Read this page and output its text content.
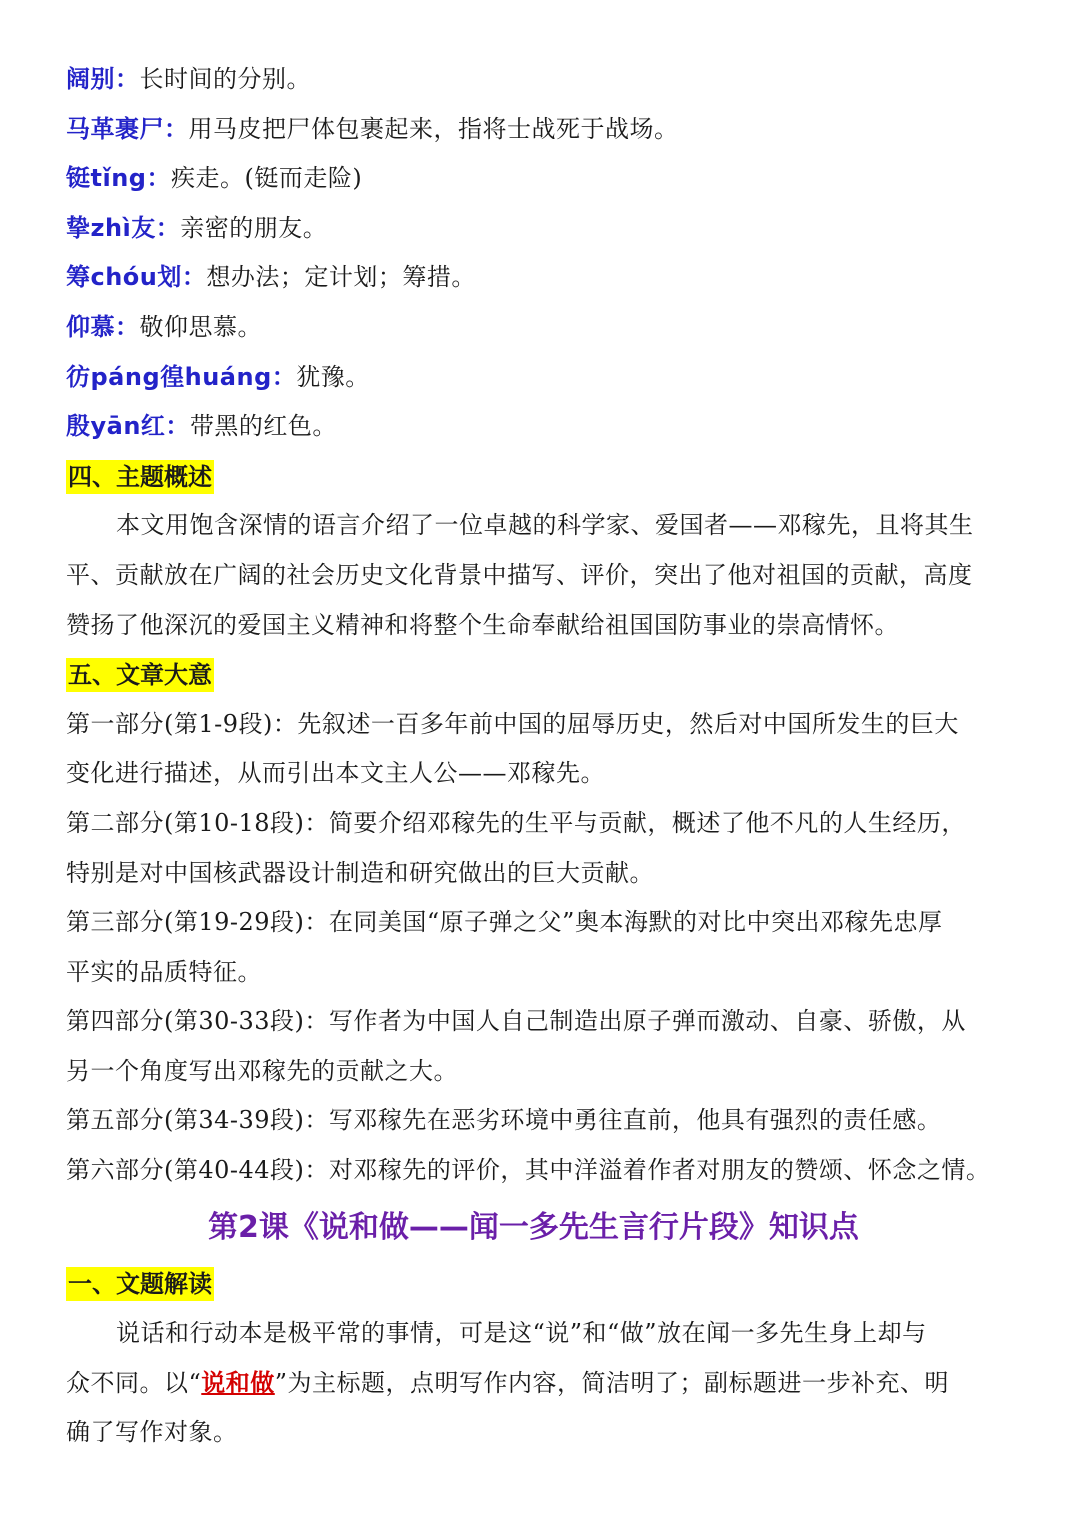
阔别：长时间的分别。
马革裹尸：用马皮把尸体包裹起来，指将士战死于战场。
铤tǐng：疾走。(铤而走险)
挚zhì友：亲密的朋友。
筹chóu划：想办法；定计划；筹措。
仰慕：敬仰思慕。
彷páng徨huáng：犹豫。
殷yān红：带黑的红色。
四、主题概述
本文用饱含深情的语言介绍了一位卓越的科学家、爱国者——邓稼先，且将其生
平、贡献放在广阔的社会历史文化背景中描写、评价，突出了他对祖国的贡献，高度
赞扬了他深沉的爱国主义精神和将整个生命奉献给祖国国防事业的崇高情怀。
五、文章大意
第一部分(第1-9段)：先叙述一百多年前中国的屈辱历史，然后对中国所发生的巨大
变化进行描述，从而引出本文主人公——邓稼先。
第二部分(第10-18段)：简要介绍邓稼先的生平与贡献，概述了他不凡的人生经历，
特别是对中国核武器设计制造和研究做出的巨大贡献。
第三部分(第19-29段)：在同美国“原子弹之父”奥本海默的对比中突出邓稼先忠厚
平实的品质特征。
第四部分(第30-33段)：写作者为中国人自己制造出原子弹而激动、自豪、骄傲，从
另一个角度写出邓稼先的贡献之大。
第五部分(第34-39段)：写邓稼先在恶劣环境中勇往直前，他具有强烈的责任感。
第六部分(第40-44段)：对邓稼先的评价，其中洋溢着作者对朋友的赞颂、怀念之情。
第2课《说和做——闻一多先生言行片段》知识点
一、文题解读
说话和行动本是极平常的事情，可是这“说”和“做”放在闻一多先生身上却与
众不同。以“说和做”为主标题，点明写作内容，简洁明了；副标题进一步补充、明
确了写作对象。
